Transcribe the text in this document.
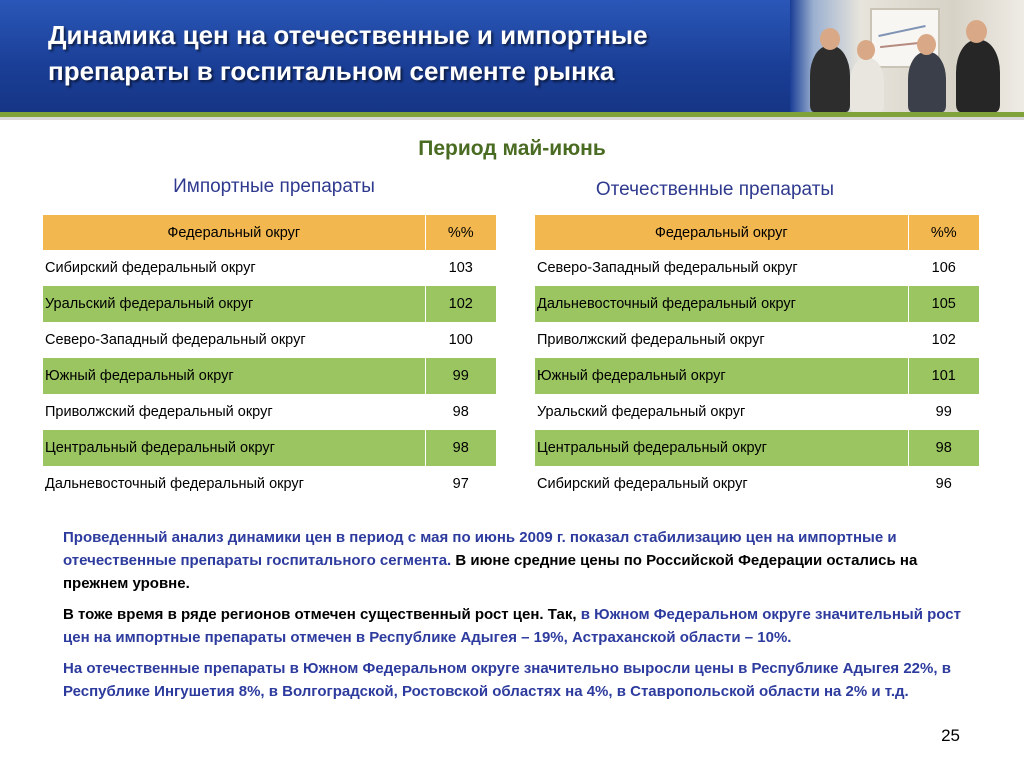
Динамика цен на отечественные и импортные
препараты в госпитальном сегменте рынка
Период май-июнь
Импортные препараты	Отечественные препараты
Федеральный округ	%%
Сибирский федеральный округ	103
Уральский федеральный округ	102
Северо-Западный федеральный округ	100
Южный федеральный округ	99
Приволжский федеральный округ	98
Центральный федеральный округ	98
Дальневосточный федеральный округ	97
Федеральный округ	%%
Северо-Западный федеральный округ	106
Дальневосточный федеральный округ	105
Приволжский федеральный округ	102
Южный федеральный округ	101
Уральский федеральный округ	99
Центральный федеральный округ	98
Сибирский федеральный округ	96

Проведенный анализ динамики цен в период с мая по июнь 2009 г. показал стабилизацию цен на импортные и отечественные препараты госпитального сегмента. В июне средние цены по Российской Федерации остались на прежнем уровне.

В тоже время в ряде регионов отмечен существенный рост цен. Так, в Южном Федеральном округе значительный рост цен на импортные препараты отмечен в Республике Адыгея – 19%, Астраханской области – 10%.

На отечественные препараты в Южном Федеральном округе значительно выросли цены в Республике Адыгея 22%, в Республике Ингушетия 8%, в Волгоградской, Ростовской областях на 4%, в Ставропольской области на 2% и т.д.

25
